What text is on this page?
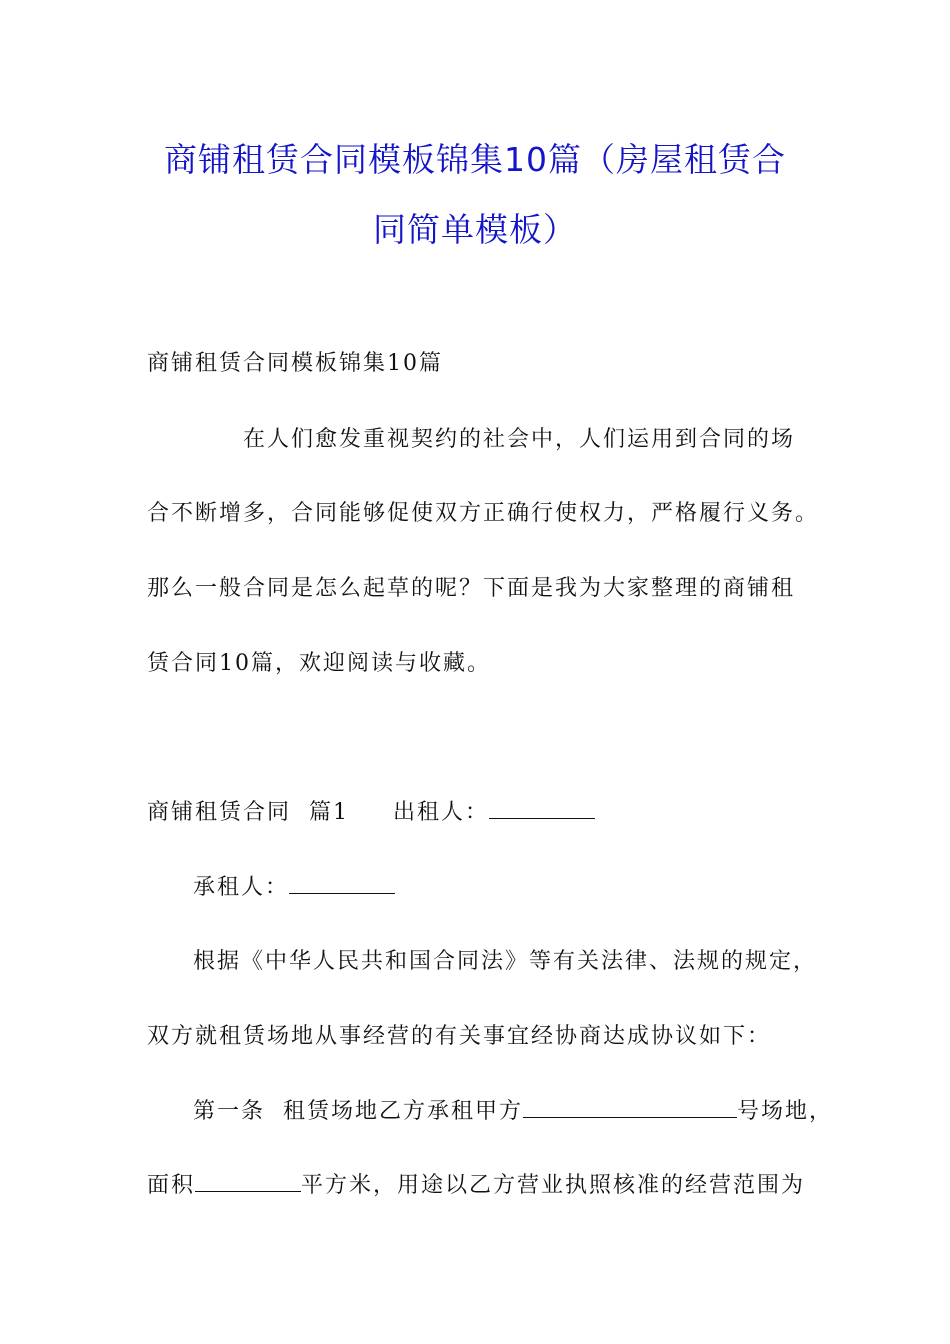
商铺租赁合同模板锦集10篇（房屋租赁合
同简单模板）
商铺租赁合同模板锦集10篇
在人们愈发重视契约的社会中，人们运用到合同的场
合不断增多，合同能够促使双方正确行使权力，严格履行义务。
那么一般合同是怎么起草的呢？下面是我为大家整理的商铺租
赁合同10篇，欢迎阅读与收藏。
商铺租赁合同  篇1 出租人：
承租人：
根据《中华人民共和国合同法》等有关法律、法规的规定，
双方就租赁场地从事经营的有关事宜经协商达成协议如下：
第一条  租赁场地乙方承租甲方	号场地，
面积	平方米，用途以乙方营业执照核准的经营范围为
